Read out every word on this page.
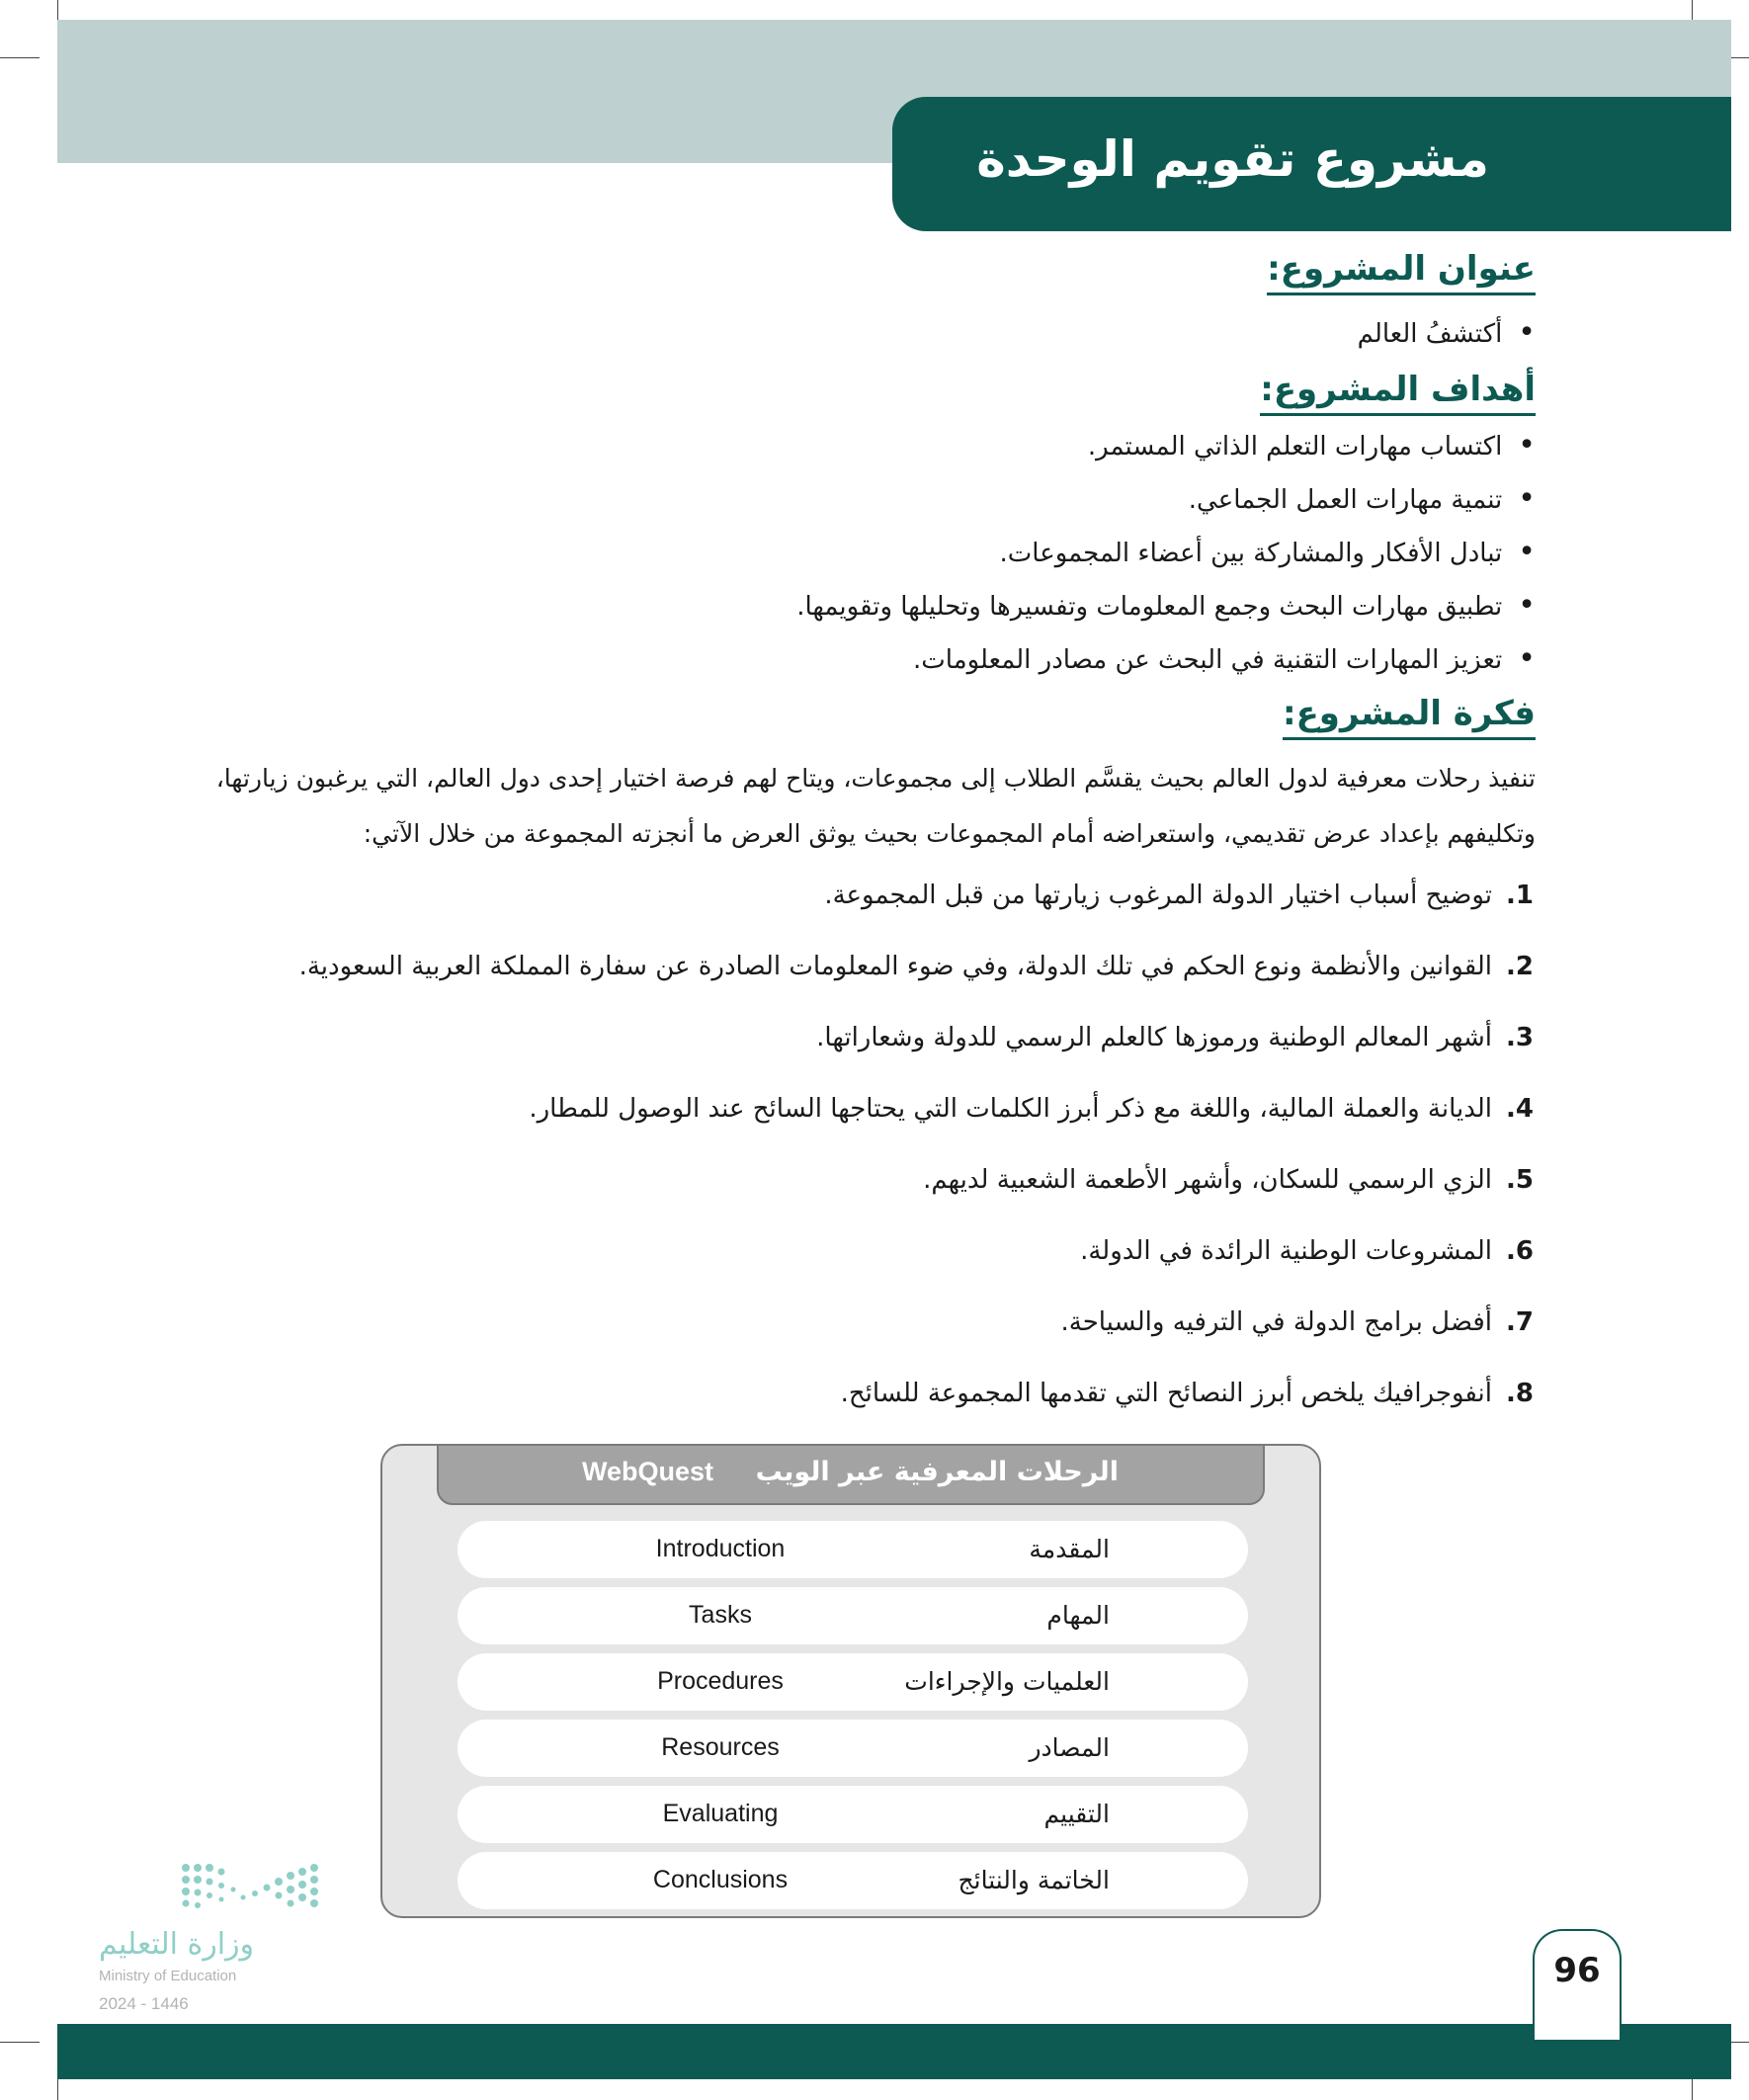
مشروع تقويم الوحدة
عنوان المشروع:
• أكتشفُ العالم
أهداف المشروع:
• اكتساب مهارات التعلم الذاتي المستمر.
• تنمية مهارات العمل الجماعي.
• تبادل الأفكار والمشاركة بين أعضاء المجموعات.
• تطبيق مهارات البحث وجمع المعلومات وتفسيرها وتحليلها وتقويمها.
• تعزيز المهارات التقنية في البحث عن مصادر المعلومات.
فكرة المشروع:
تنفيذ رحلات معرفية لدول العالم بحيث يقسَّم الطلاب إلى مجموعات، ويتاح لهم فرصة اختيار إحدى دول العالم، التي يرغبون زيارتها، وتكليفهم بإعداد عرض تقديمي، واستعراضه أمام المجموعات بحيث يوثق العرض ما أنجزته المجموعة من خلال الآتي:
1.توضيح أسباب اختيار الدولة المرغوب زيارتها من قبل المجموعة.
2.القوانين والأنظمة ونوع الحكم في تلك الدولة، وفي ضوء المعلومات الصادرة عن سفارة المملكة العربية السعودية.
3.أشهر المعالم الوطنية ورموزها كالعلم الرسمي للدولة وشعاراتها.
4.الديانة والعملة المالية، واللغة مع ذكر أبرز الكلمات التي يحتاجها السائح عند الوصول للمطار.
5.الزي الرسمي للسكان، وأشهر الأطعمة الشعبية لديهم.
6.المشروعات الوطنية الرائدة في الدولة.
7.أفضل برامج الدولة في الترفيه والسياحة.
8.أنفوجرافيك يلخص أبرز النصائح التي تقدمها المجموعة للسائح.
الرحلات المعرفية عبر الويب
WebQuest
Introduction	المقدمة
Tasks	المهام
Procedures	العلميات والإجراءات
Resources	المصادر
Evaluating	التقييم
Conclusions	الخاتمة والنتائج
وزارة التعليم
Ministry of Education
2024 - 1446
96
